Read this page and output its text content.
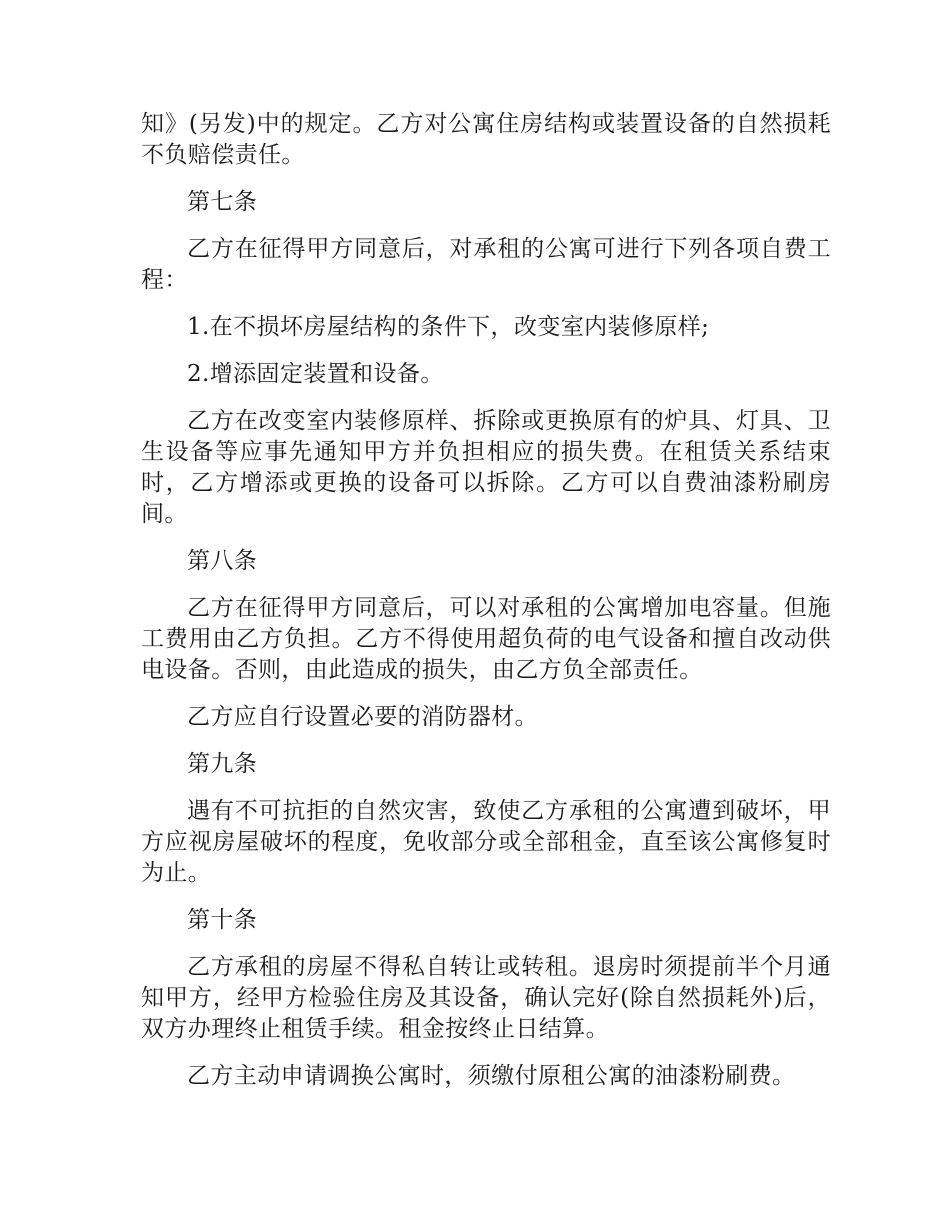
知》(另发)中的规定。乙方对公寓住房结构或装置设备的自然损耗不负赔偿责任。

第七条

乙方在征得甲方同意后，对承租的公寓可进行下列各项自费工程：

1.在不损坏房屋结构的条件下，改变室内装修原样;

2.增添固定装置和设备。

乙方在改变室内装修原样、拆除或更换原有的炉具、灯具、卫生设备等应事先通知甲方并负担相应的损失费。在租赁关系结束时，乙方增添或更换的设备可以拆除。乙方可以自费油漆粉刷房间。

第八条

乙方在征得甲方同意后，可以对承租的公寓增加电容量。但施工费用由乙方负担。乙方不得使用超负荷的电气设备和擅自改动供电设备。否则，由此造成的损失，由乙方负全部责任。

乙方应自行设置必要的消防器材。

第九条

遇有不可抗拒的自然灾害，致使乙方承租的公寓遭到破坏，甲方应视房屋破坏的程度，免收部分或全部租金，直至该公寓修复时为止。

第十条

乙方承租的房屋不得私自转让或转租。退房时须提前半个月通知甲方，经甲方检验住房及其设备，确认完好(除自然损耗外)后，双方办理终止租赁手续。租金按终止日结算。

乙方主动申请调换公寓时，须缴付原租公寓的油漆粉刷费。
